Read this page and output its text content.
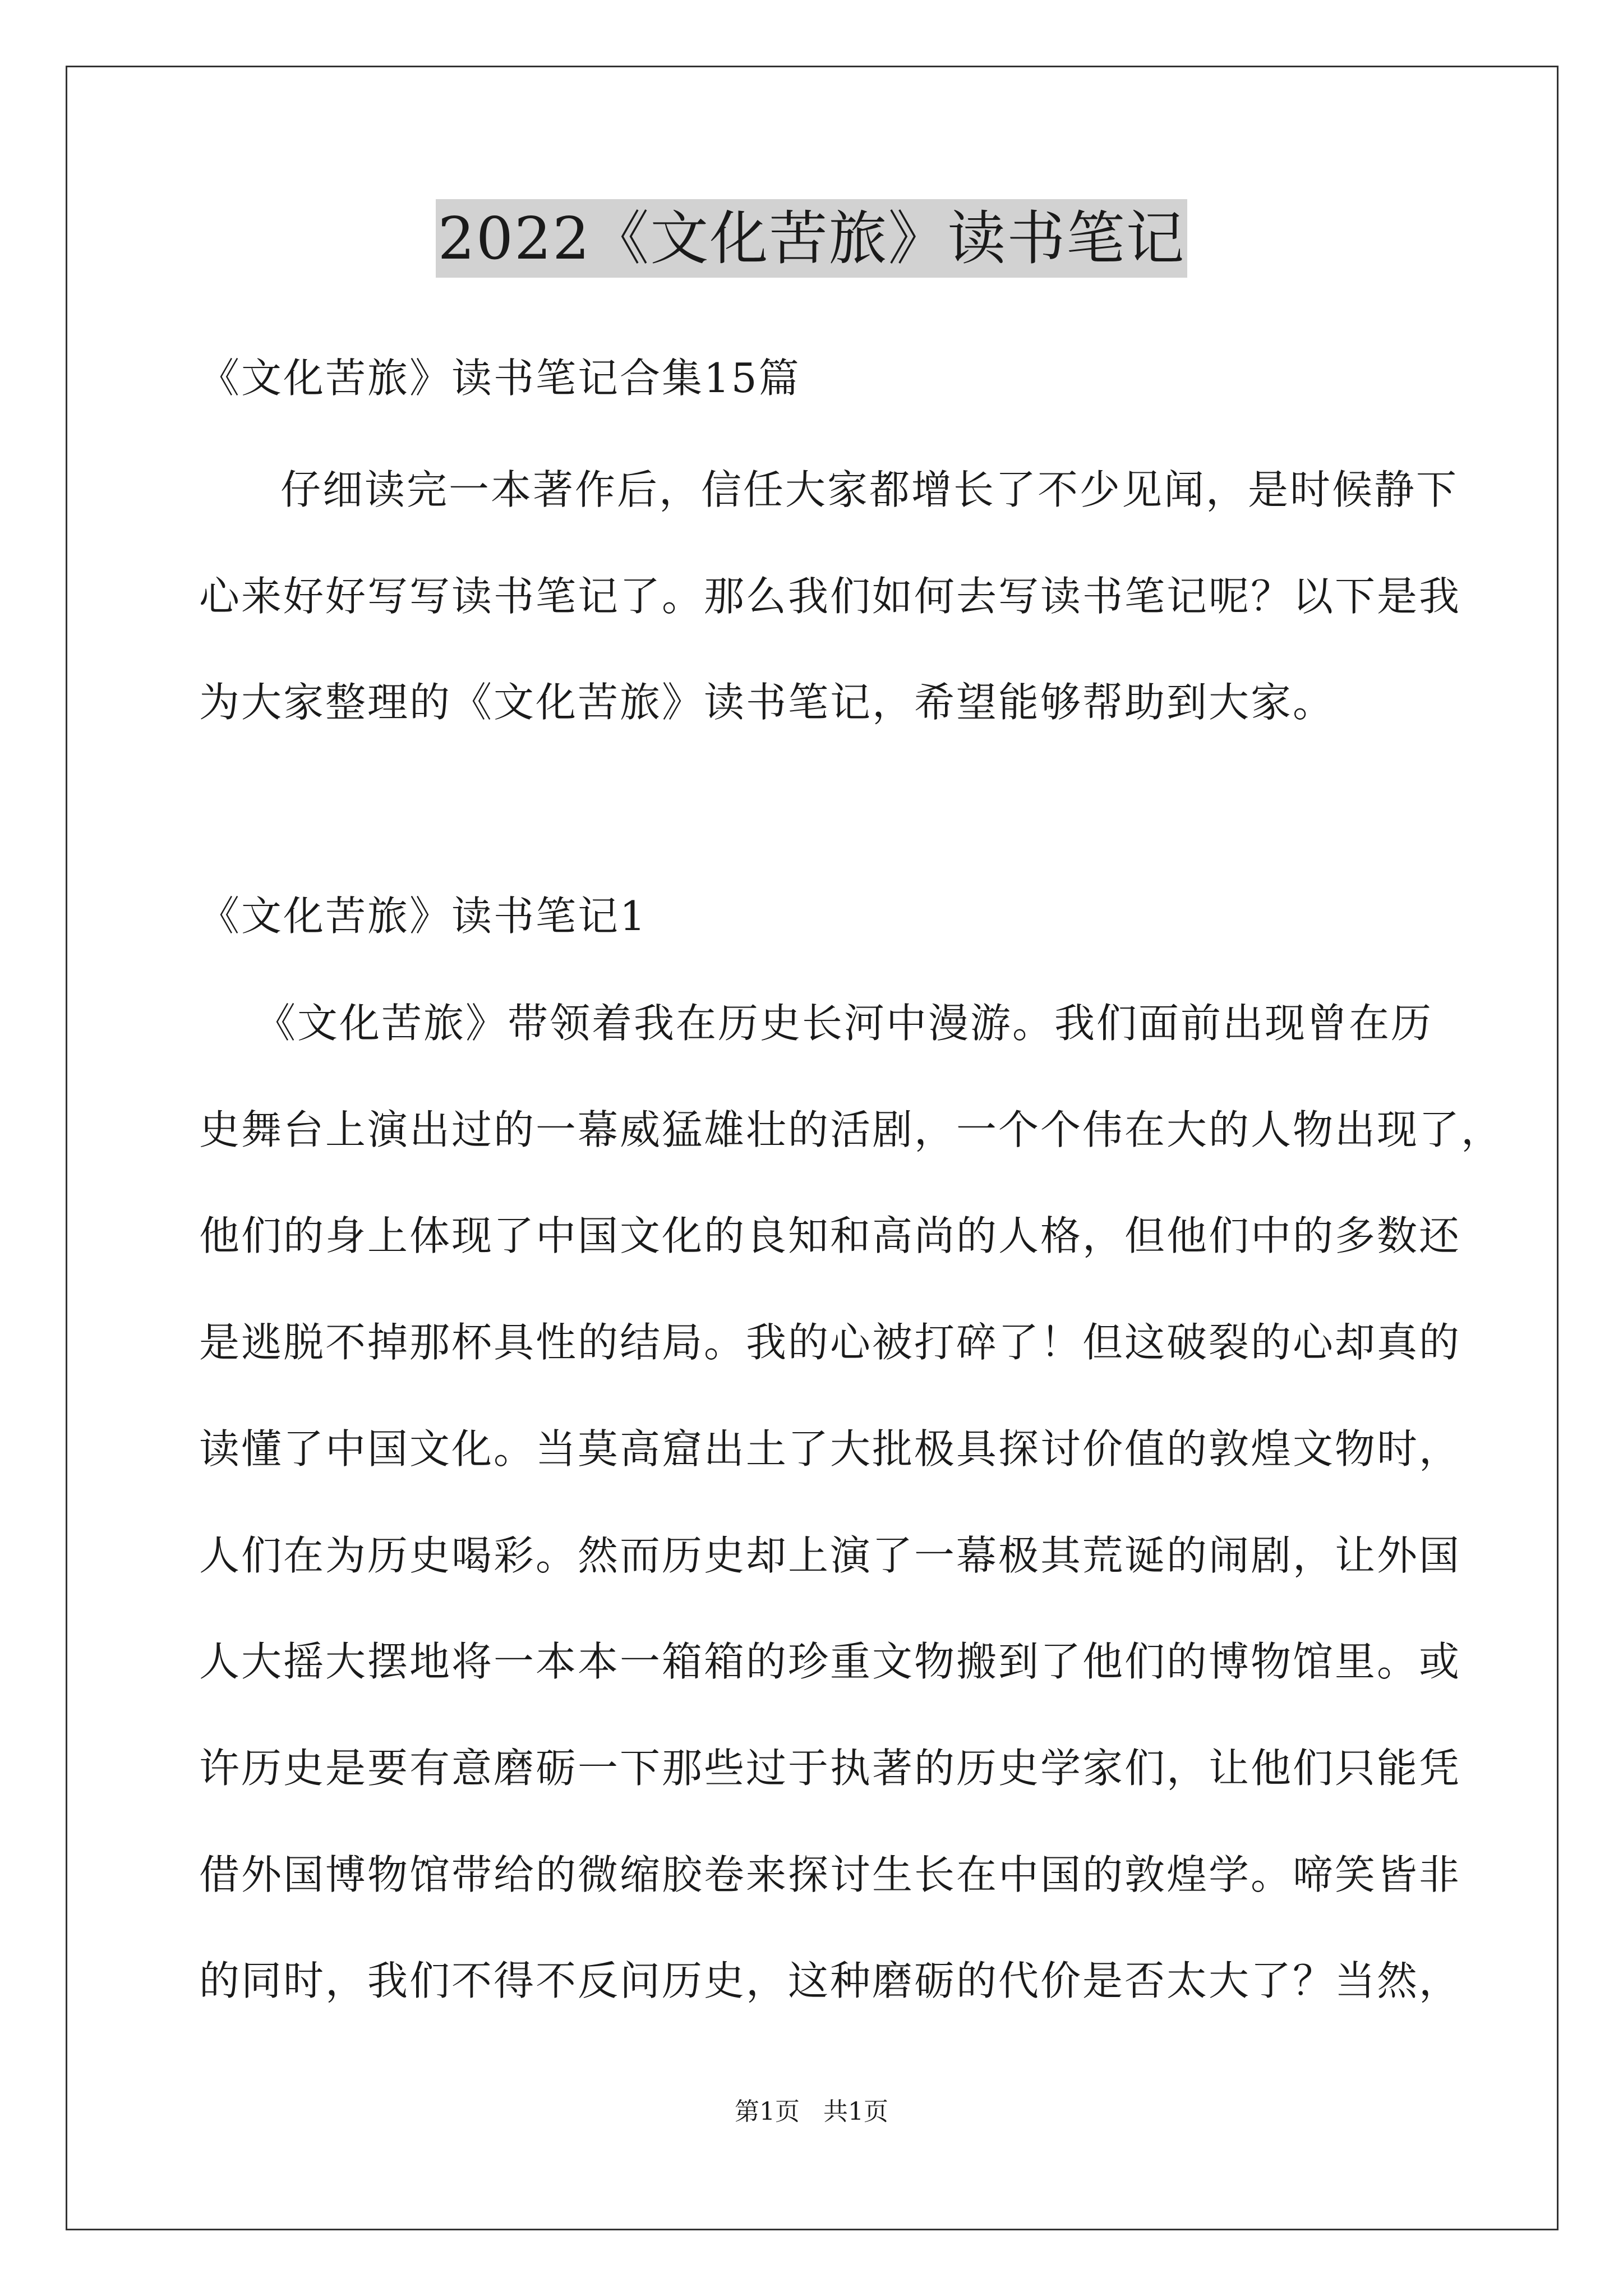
2022《文化苦旅》读书笔记
《文化苦旅》读书笔记合集15篇
仔细读完一本著作后，信任大家都增长了不少见闻，是时候静下
心来好好写写读书笔记了。那么我们如何去写读书笔记呢？以下是我
为大家整理的《文化苦旅》读书笔记，希望能够帮助到大家。
《文化苦旅》读书笔记1
《文化苦旅》带领着我在历史长河中漫游。我们面前出现曾在历
史舞台上演出过的一幕威猛雄壮的活剧，一个个伟在大的人物出现了，
他们的身上体现了中国文化的良知和高尚的人格，但他们中的多数还
是逃脱不掉那杯具性的结局。我的心被打碎了！但这破裂的心却真的
读懂了中国文化。当莫高窟出土了大批极具探讨价值的敦煌文物时，
人们在为历史喝彩。然而历史却上演了一幕极其荒诞的闹剧，让外国
人大摇大摆地将一本本一箱箱的珍重文物搬到了他们的博物馆里。或
许历史是要有意磨砺一下那些过于执著的历史学家们，让他们只能凭
借外国博物馆带给的微缩胶卷来探讨生长在中国的敦煌学。啼笑皆非
的同时，我们不得不反问历史，这种磨砺的代价是否太大了？当然，
第1页   共1页
